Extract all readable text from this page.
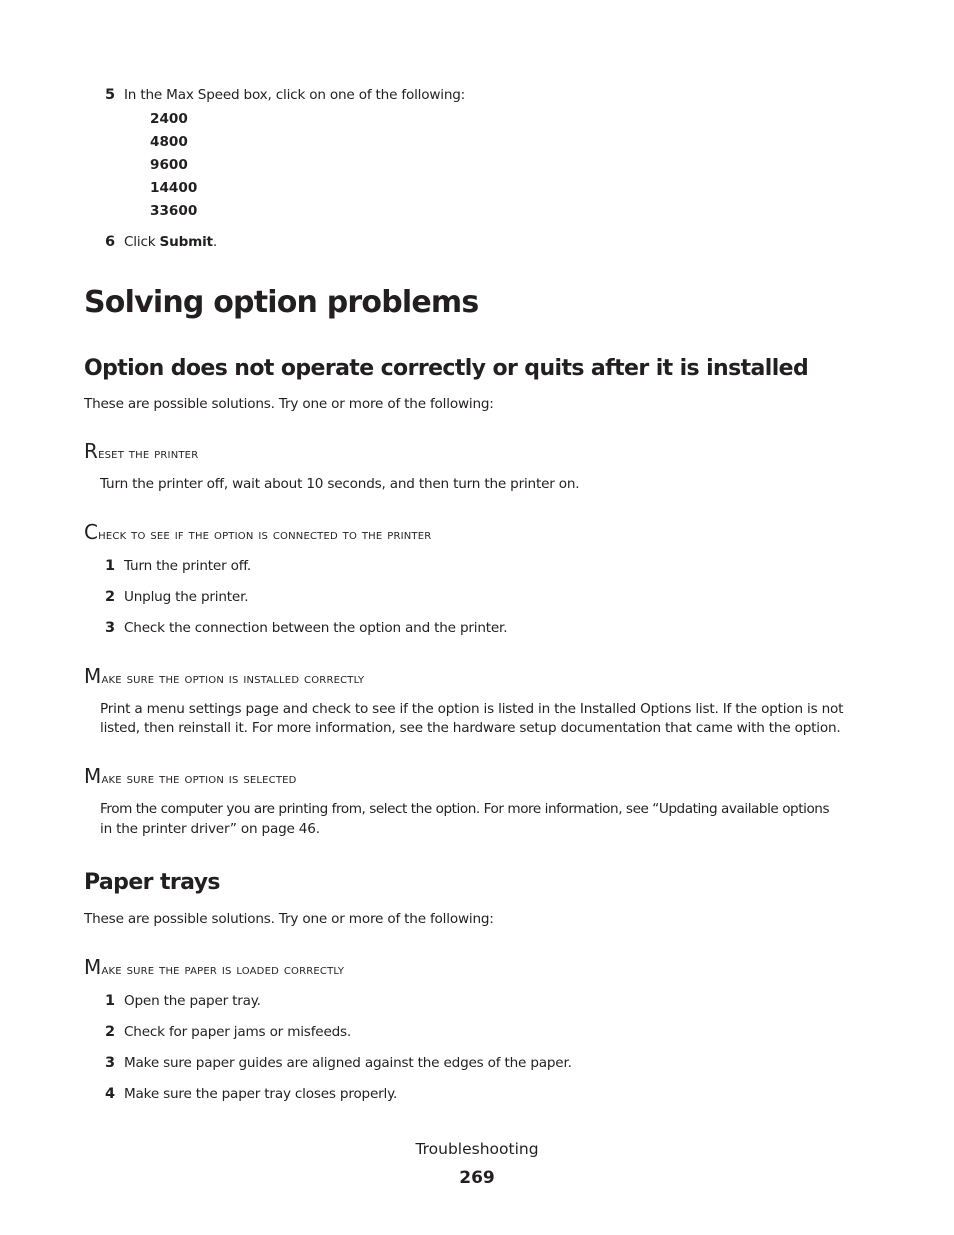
5 In the Max Speed box, click on one of the following:
2400
4800
9600
14400
33600
6 Click Submit.
Solving option problems
Option does not operate correctly or quits after it is installed
These are possible solutions. Try one or more of the following:
Reset the printer
Turn the printer off, wait about 10 seconds, and then turn the printer on.
Check to see if the option is connected to the printer
1 Turn the printer off.
2 Unplug the printer.
3 Check the connection between the option and the printer.
Make sure the option is installed correctly
Print a menu settings page and check to see if the option is listed in the Installed Options list. If the option is not
listed, then reinstall it. For more information, see the hardware setup documentation that came with the option.
Make sure the option is selected
From the computer you are printing from, select the option. For more information, see “Updating available options
in the printer driver” on page 46.
Paper trays
These are possible solutions. Try one or more of the following:
Make sure the paper is loaded correctly
1 Open the paper tray.
2 Check for paper jams or misfeeds.
3 Make sure paper guides are aligned against the edges of the paper.
4 Make sure the paper tray closes properly.
Troubleshooting
269
